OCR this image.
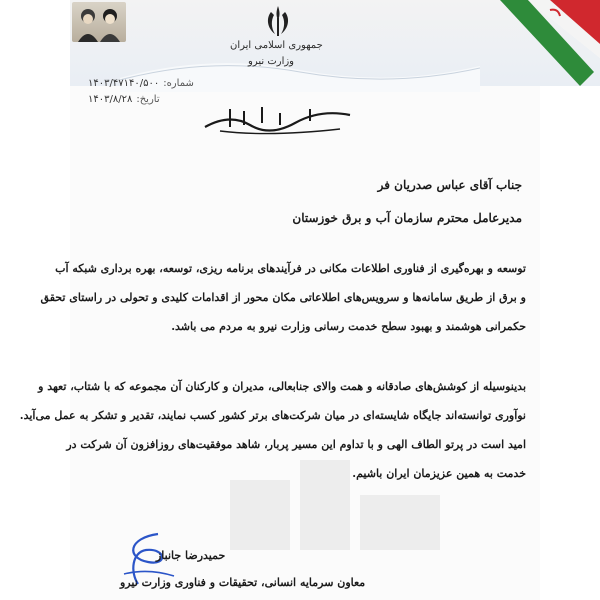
جمهوری اسلامی ایران
وزارت نیرو
شماره:۱۴۰۳/۴۷۱۴۰/۵۰۰
تاریخ:۱۴۰۳/۸/۲۸
جناب آقای عباس صدریان فر
مدیرعامل محترم سازمان آب و برق خوزستان
توسعه و بهره‌گیری از فناوری اطلاعات مکانی در فرآیندهای برنامه ریزی، توسعه، بهره برداری شبکه آب
و برق از طریق سامانه‌ها و سرویس‌های اطلاعاتی مکان محور از اقدامات کلیدی و تحولی در راستای تحقق
حکمرانی هوشمند و بهبود سطح خدمت رسانی وزارت نیرو به مردم می باشد.
بدینوسیله از کوشش‌های صادقانه و همت والای جنابعالی، مدیران و کارکنان آن مجموعه که با شتاب، تعهد و
نوآوری توانسته‌اند جایگاه شایسته‌ای در میان شرکت‌های برتر کشور کسب نمایند، تقدیر و تشکر به عمل می‌آید.
امید است در پرتو الطاف الهی و با تداوم این مسیر پربار، شاهد موفقیت‌های روزافزون آن شرکت در
خدمت به همین عزیزمان ایران باشیم.
حمیدرضا جانباز
معاون سرمایه انسانی، تحقیقات و فناوری وزارت نیرو
